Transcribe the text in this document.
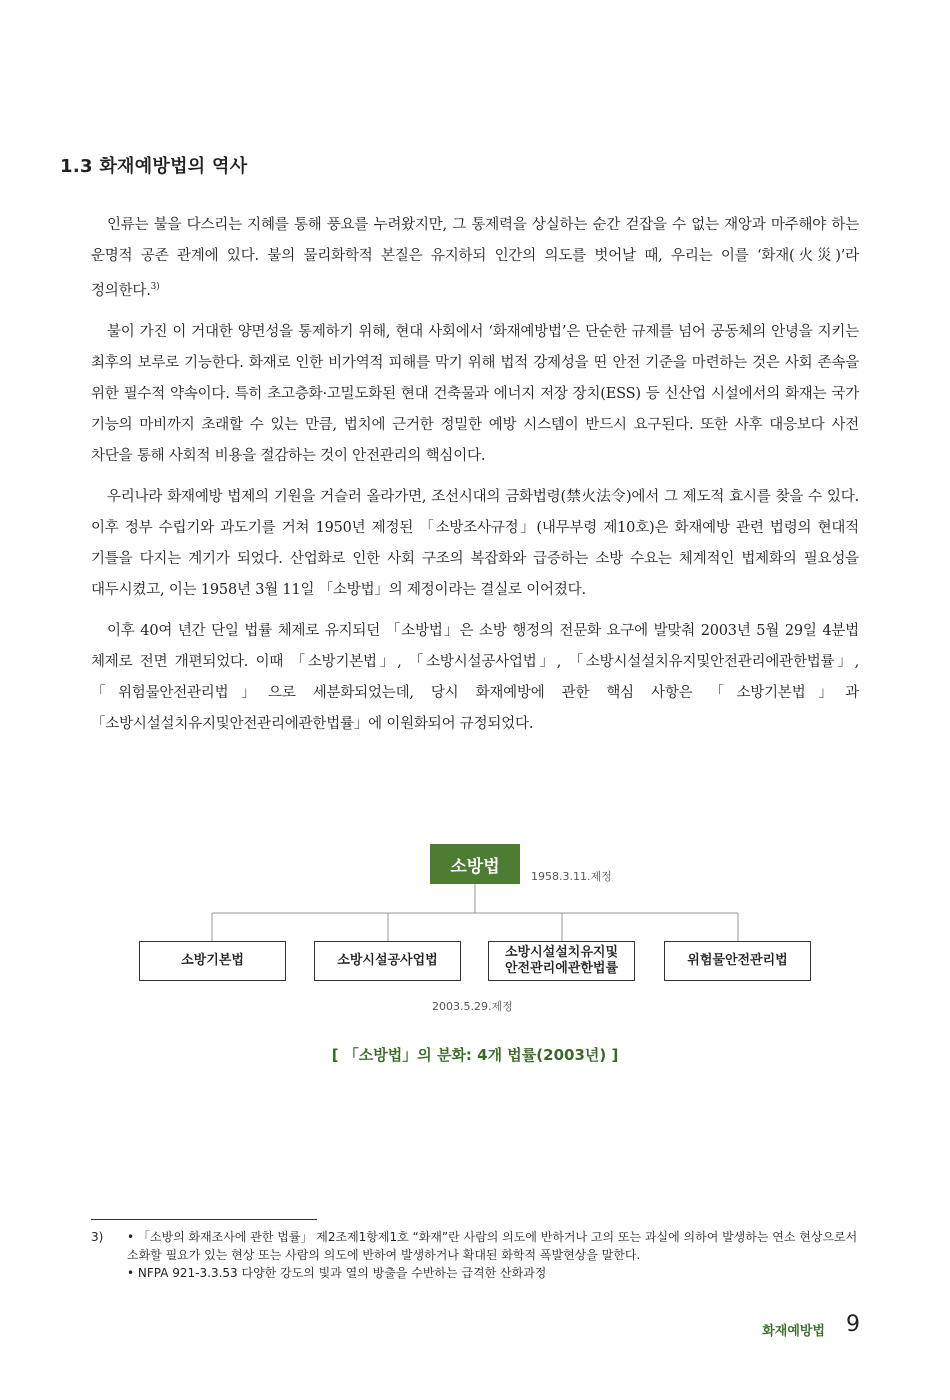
1.3 화재예방법의 역사

인류는 불을 다스리는 지혜를 통해 풍요를 누려왔지만, 그 통제력을 상실하는 순간 걷잡을 수 없는 재앙과 마주해야 하는 운명적 공존 관계에 있다. 불의 물리화학적 본질은 유지하되 인간의 의도를 벗어날 때, 우리는 이를 ‘화재(火災)’라 정의한다.$^{3)}$

불이 가진 이 거대한 양면성을 통제하기 위해, 현대 사회에서 ‘화재예방법’은 단순한 규제를 넘어 공동체의 안녕을 지키는 최후의 보루로 기능한다. 화재로 인한 비가역적 피해를 막기 위해 법적 강제성을 띤 안전 기준을 마련하는 것은 사회 존속을 위한 필수적 약속이다. 특히 초고층화·고밀도화된 현대 건축물과 에너지 저장 장치(ESS) 등 신산업 시설에서의 화재는 국가 기능의 마비까지 초래할 수 있는 만큼, 법치에 근거한 정밀한 예방 시스템이 반드시 요구된다. 또한 사후 대응보다 사전 차단을 통해 사회적 비용을 절감하는 것이 안전관리의 핵심이다.

우리나라 화재예방 법제의 기원을 거슬러 올라가면, 조선시대의 금화법령(禁火法令)에서 그 제도적 효시를 찾을 수 있다. 이후 정부 수립기와 과도기를 거쳐 1950년 제정된 「소방조사규정」(내무부령 제10호)은 화재예방 관련 법령의 현대적 기틀을 다지는 계기가 되었다. 산업화로 인한 사회 구조의 복잡화와 급증하는 소방 수요는 체계적인 법제화의 필요성을 대두시켰고, 이는 1958년 3월 11일 「소방법」의 제정이라는 결실로 이어졌다.

이후 40여 년간 단일 법률 체제로 유지되던 「소방법」은 소방 행정의 전문화 요구에 발맞춰 2003년 5월 29일 4분법 체제로 전면 개편되었다. 이때 「소방기본법」, 「소방시설공사업법」, 「소방시설설치유지및안전관리에관한법률」, 「위험물안전관리법」으로 세분화되었는데, 당시 화재예방에 관한 핵심 사항은 「소방기본법」과 「소방시설설치유지및안전관리에관한법률」에 이원화되어 규정되었다.

소방법	1958.3.11.제정
소방기본법	소방시설공사업법
소방시설설치유지및
안전관리에관한법률
위험물안전관리법
2003.5.29.제정
[ 「소방법」의 분화: 4개 법률(2003년) ]
3) • 「소방의 화재조사에 관한 법률」 제2조제1항제1호 “화재”란 사람의 의도에 반하거나 고의 또는 과실에 의하여 발생하는 연소 현상으로서 소화할 필요가 있는 현상 또는 사람의 의도에 반하여 발생하거나 확대된 화학적 폭발현상을 말한다.
• NFPA 921-3.3.53 다양한 강도의 빛과 열의 방출을 수반하는 급격한 산화과정
화재예방법 9
